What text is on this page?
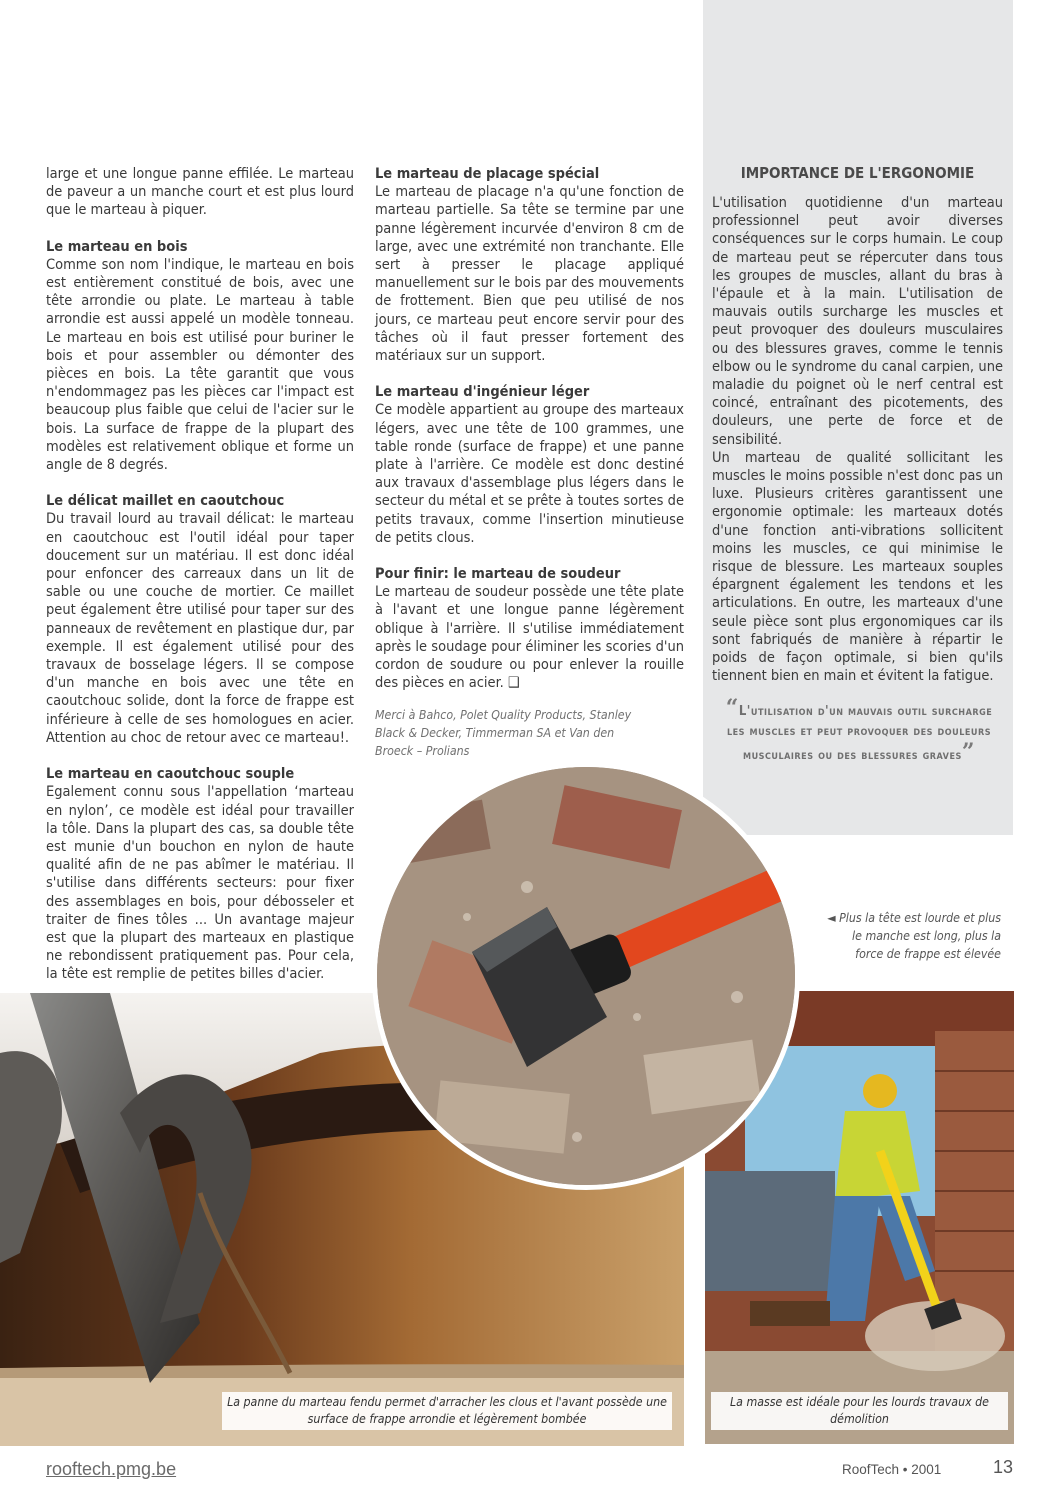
large et une longue panne effilée. Le marteau de paveur a un manche court et est plus lourd que le marteau à piquer.

Le marteau en bois

Comme son nom l'indique, le marteau en bois est entièrement constitué de bois, avec une tête arrondie ou plate. Le marteau à table arrondie est aussi appelé un modèle tonneau. Le marteau en bois est utilisé pour buriner le bois et pour assembler ou démonter des pièces en bois. La tête garantit que vous n'endommagez pas les pièces car l'impact est beaucoup plus faible que celui de l'acier sur le bois. La surface de frappe de la plupart des modèles est relativement oblique et forme un angle de 8 degrés.

Le délicat maillet en caoutchouc

Du travail lourd au travail délicat: le marteau en caoutchouc est l'outil idéal pour taper doucement sur un matériau. Il est donc idéal pour enfoncer des carreaux dans un lit de sable ou une couche de mortier. Ce maillet peut également être utilisé pour taper sur des panneaux de revêtement en plastique dur, par exemple. Il est également utilisé pour des travaux de bosselage légers. Il se compose d'un manche en bois avec une tête en caoutchouc solide, dont la force de frappe est inférieure à celle de ses homologues en acier. Attention au choc de retour avec ce marteau!.

Le marteau en caoutchouc souple

Egalement connu sous l'appellation ‘marteau en nylon’, ce modèle est idéal pour travailler la tôle. Dans la plupart des cas, sa double tête est munie d'un bouchon en nylon de haute qualité afin de ne pas abîmer le matériau. Il s'utilise dans différents secteurs: pour fixer des assemblages en bois, pour débosseler et traiter de fines tôles ... Un avantage majeur est que la plupart des marteaux en plastique ne rebondissent pratiquement pas. Pour cela, la tête est remplie de petites billes d'acier.

Le marteau de placage spécial

Le marteau de placage n'a qu'une fonction de marteau partielle. Sa tête se termine par une panne légèrement incurvée d'environ 8 cm de large, avec une extrémité non tranchante. Elle sert à presser le placage appliqué manuellement sur le bois par des mouvements de frottement. Bien que peu utilisé de nos jours, ce marteau peut encore servir pour des tâches où il faut presser fortement des matériaux sur un support.

Le marteau d'ingénieur léger

Ce modèle appartient au groupe des marteaux légers, avec une tête de 100 grammes, une table ronde (surface de frappe) et une panne plate à l'arrière. Ce modèle est donc destiné aux travaux d'assemblage plus légers dans le secteur du métal et se prête à toutes sortes de petits travaux, comme l'insertion minutieuse de petits clous.

Pour finir: le marteau de soudeur

Le marteau de soudeur possède une tête plate à l'avant et une longue panne légèrement oblique à l'arrière. Il s'utilise immédiatement après le soudage pour éliminer les scories d'un cordon de soudure ou pour enlever la rouille des pièces en acier. ❑

Merci à Bahco, Polet Quality Products, Stanley Black & Decker, Timmerman SA et Van den Broeck – Prolians
IMPORTANCE DE L'ERGONOMIE

L'utilisation quotidienne d'un marteau professionnel peut avoir diverses conséquences sur le corps humain. Le coup de marteau peut se répercuter dans tous les groupes de muscles, allant du bras à l'épaule et à la main. L'utilisation de mauvais outils surcharge les muscles et peut provoquer des douleurs musculaires ou des blessures graves, comme le tennis elbow ou le syndrome du canal carpien, une maladie du poignet où le nerf central est coincé, entraînant des picotements, des douleurs, une perte de force et de sensibilité.

Un marteau de qualité sollicitant les muscles le moins possible n'est donc pas un luxe. Plusieurs critères garantissent une ergonomie optimale: les marteaux dotés d'une fonction anti-vibrations sollicitent moins les muscles, ce qui minimise le risque de blessure. Les marteaux souples épargnent également les tendons et les articulations. En outre, les marteaux d'une seule pièce sont plus ergonomiques car ils sont fabriqués de manière à répartir le poids de façon optimale, si bien qu'ils tiennent bien en main et évitent la fatigue.

“L'utilisation d'un mauvais outil surcharge les muscles et peut provoquer des douleurs musculaires ou des blessures graves”
◄ Plus la tête est lourde et plus le manche est long, plus la force de frappe est élevée
La panne du marteau fendu permet d'arracher les clous et l'avant possède une surface de frappe arrondie et légèrement bombée
La masse est idéale pour les lourds travaux de démolition
rooftech.pmg.be	RoofTech • 2001	13
